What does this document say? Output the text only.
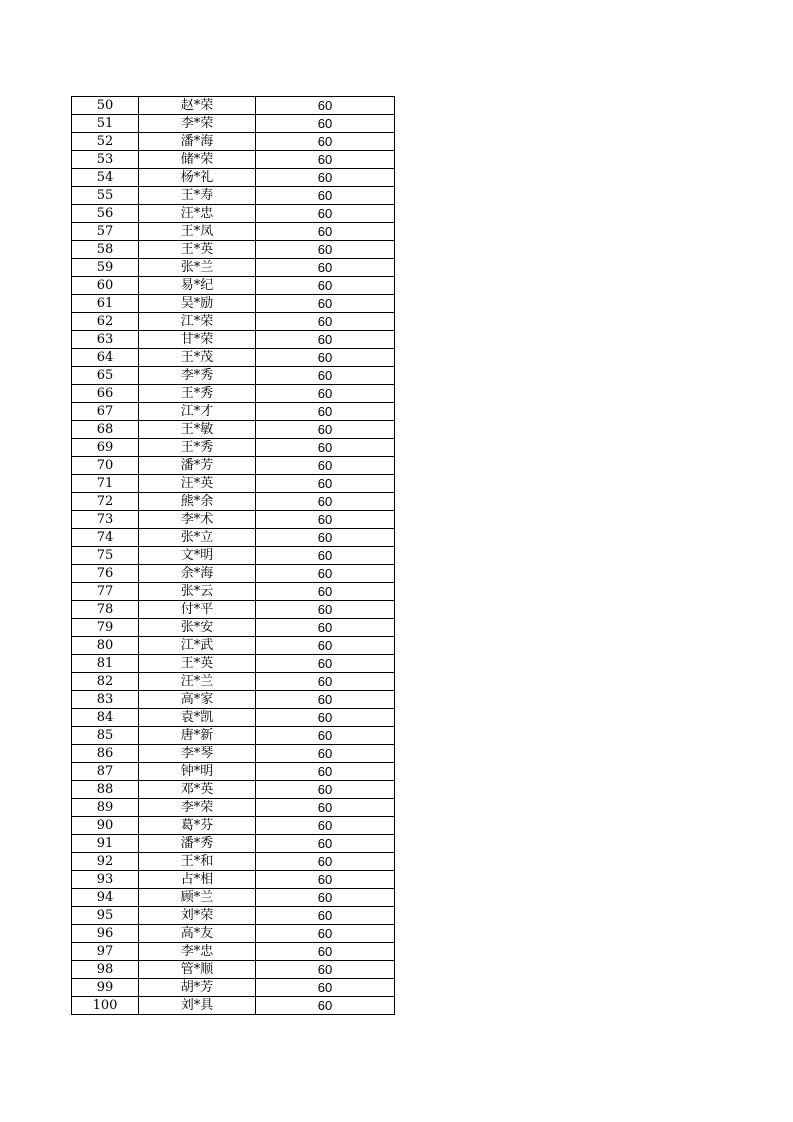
50	赵*荣	60
51	李*荣	60
52	潘*海	60
53	储*荣	60
54	杨*礼	60
55	王*寿	60
56	汪*忠	60
57	王*凤	60
58	王*英	60
59	张*兰	60
60	易*纪	60
61	吴*励	60
62	江*荣	60
63	甘*荣	60
64	王*茂	60
65	李*秀	60
66	王*秀	60
67	江*才	60
68	王*敏	60
69	王*秀	60
70	潘*芳	60
71	汪*英	60
72	熊*余	60
73	李*术	60
74	张*立	60
75	文*明	60
76	余*海	60
77	张*云	60
78	付*平	60
79	张*安	60
80	江*武	60
81	王*英	60
82	汪*兰	60
83	高*家	60
84	袁*凯	60
85	唐*新	60
86	李*琴	60
87	钟*明	60
88	邓*英	60
89	李*荣	60
90	葛*芬	60
91	潘*秀	60
92	王*和	60
93	占*相	60
94	顾*兰	60
95	刘*荣	60
96	高*友	60
97	李*忠	60
98	管*顺	60
99	胡*芳	60
100	刘*具	60
